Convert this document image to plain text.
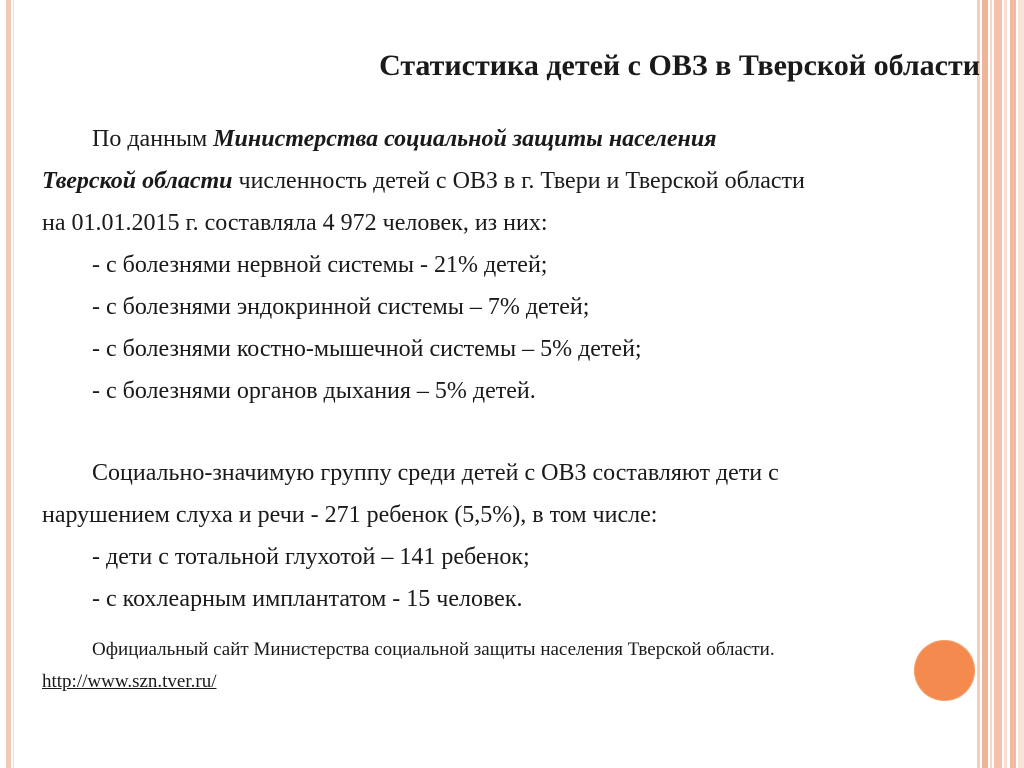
Статистика детей с ОВЗ в Тверской области

По данным Министерства социальной защиты населения

Тверской области численность детей с ОВЗ в г. Твери и Тверской области

на 01.01.2015 г. составляла 4 972 человек, из них:

- с болезнями нервной системы - 21% детей;

- с болезнями эндокринной системы – 7% детей;

- с болезнями костно-мышечной системы – 5% детей;

- с болезнями органов дыхания – 5% детей.

Социально-значимую группу среди детей с ОВЗ составляют дети с

нарушением слуха и речи - 271 ребенок (5,5%), в том числе:

- дети с тотальной глухотой – 141 ребенок;

- с кохлеарным имплантатом - 15 человек.

Официальный сайт Министерства социальной защиты населения Тверской области.
http://www.szn.tver.ru/
